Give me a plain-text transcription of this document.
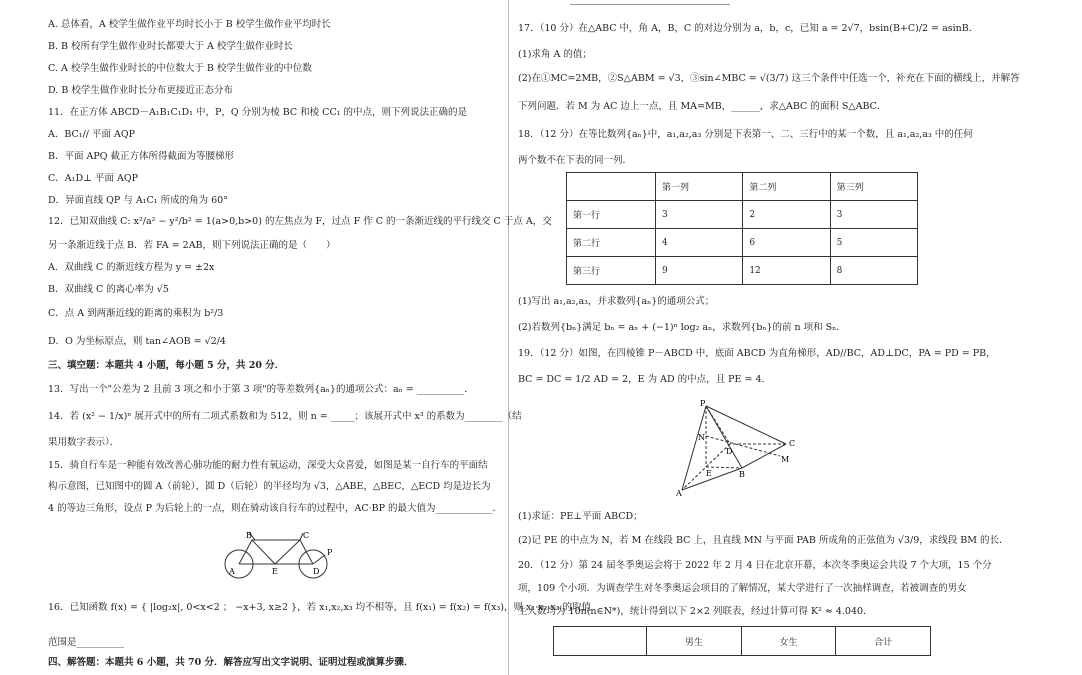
A. 总体看，A 校学生做作业平均时长小于 B 校学生做作业平均时长
B. B 校所有学生做作业时长都要大于 A 校学生做作业时长
C. A 校学生做作业时长的中位数大于 B 校学生做作业的中位数
D. B 校学生做作业时长分布更接近正态分布
11．在正方体 ABCD－A₁B₁C₁D₁ 中，P，Q 分别为棱 BC 和棱 CC₁ 的中点，则下列说法正确的是
A．BC₁// 平面 AQP
B．平面 APQ 截正方体所得截面为等腰梯形
C．A₁D⊥ 平面 AQP
D．异面直线 QP 与 A₁C₁ 所成的角为 60°
12．已知双曲线 C: x²/a² − y²/b² = 1(a>0,b>0) 的左焦点为 F，过点 F 作 C 的一条渐近线的平行线交 C 于点 A，交
另一条渐近线于点 B．若 FA = 2AB，则下列说法正确的是（　　）
A．双曲线 C 的渐近线方程为 y = ±2x
B．双曲线 C 的离心率为 √5
C．点 A 到两渐近线的距离的乘积为 b²/3
D．O 为坐标原点，则 tan∠AOB = √2/4
三、填空题：本题共 4 小题，每小题 5 分，共 20 分．
13．写出一个"公差为 2 且前 3 项之和小于第 3 项"的等差数列{aₙ}的通项公式：aₙ = __________．
14．若 (x² − 1/x)ⁿ 展开式中的所有二项式系数和为 512，则 n = _____；该展开式中 x³ 的系数为________（结
果用数字表示）．
15．骑自行车是一种能有效改善心肺功能的耐力性有氧运动，深受大众喜爱，如图是某一自行车的平面结
构示意图，已知图中的圆 A（前轮），圆 D（后轮）的半径均为 √3，△ABE，△BEC，△ECD 均是边长为
4 的等边三角形，设点 P 为后轮上的一点，则在骑动该自行车的过程中，AC·BP 的最大值为____________．
B	C
A	E	D
P
16．已知函数 f(x) = { |log₂x|, 0<x<2 ； −x+3, x≥2 }，若 x₁,x₂,x₃ 均不相等，且 f(x₁) = f(x₂) = f(x₃)，则 x₁·x₂·x₃ 的取值
范围是__________
四、解答题：本题共 6 小题，共 70 分．解答应写出文字说明、证明过程或演算步骤．
17．（10 分）在△ABC 中，角 A，B，C 的对边分别为 a，b，c，已知 a = 2√7，bsin(B+C)/2 = asinB．
(1)求角 A 的值；
(2)在①MC=2MB，②S△ABM = √3，③sin∠MBC = √(3/7) 这三个条件中任选一个，补充在下面的横线上，并解答
下列问题．若 M 为 AC 边上一点，且 MA=MB，______，求△ABC 的面积 S△ABC．
18．（12 分）在等比数列{aₙ}中，a₁,a₂,a₃ 分别是下表第一、二、三行中的某一个数，且 a₁,a₂,a₃ 中的任何
两个数不在下表的同一列．
	第一列	第二列	第三列
第一行	3	2	3
第二行	4	6	5
第三行	9	12	8
(1)写出 a₁,a₂,a₃，并求数列{aₙ}的通项公式；
(2)若数列{bₙ}满足 bₙ = aₙ + (−1)ⁿ log₂ aₙ，求数列{bₙ}的前 n 项和 Sₙ．
19．（12 分）如图，在四棱锥 P－ABCD 中，底面 ABCD 为直角梯形，AD//BC，AD⊥DC，PA = PD = PB，
BC = DC = 1/2 AD = 2，E 为 AD 的中点，且 PE = 4．
P
N
D
C
M
E	B
A
(1)求证：PE⊥平面 ABCD；
(2)记 PE 的中点为 N，若 M 在线段 BC 上，且直线 MN 与平面 PAB 所成角的正弦值为 √3/9，求线段 BM 的长．
20．（12 分）第 24 届冬季奥运会将于 2022 年 2 月 4 日在北京开幕，本次冬季奥运会共设 7 个大项，15 个分
项，109 个小项．为调查学生对冬季奥运会项目的了解情况，某大学进行了一次抽样调查，若被调查的男女
生人数均为 10n(n∈N*)，统计得到以下 2×2 列联表，经过计算可得 K² ≈ 4.040．
	男生	女生	合计
